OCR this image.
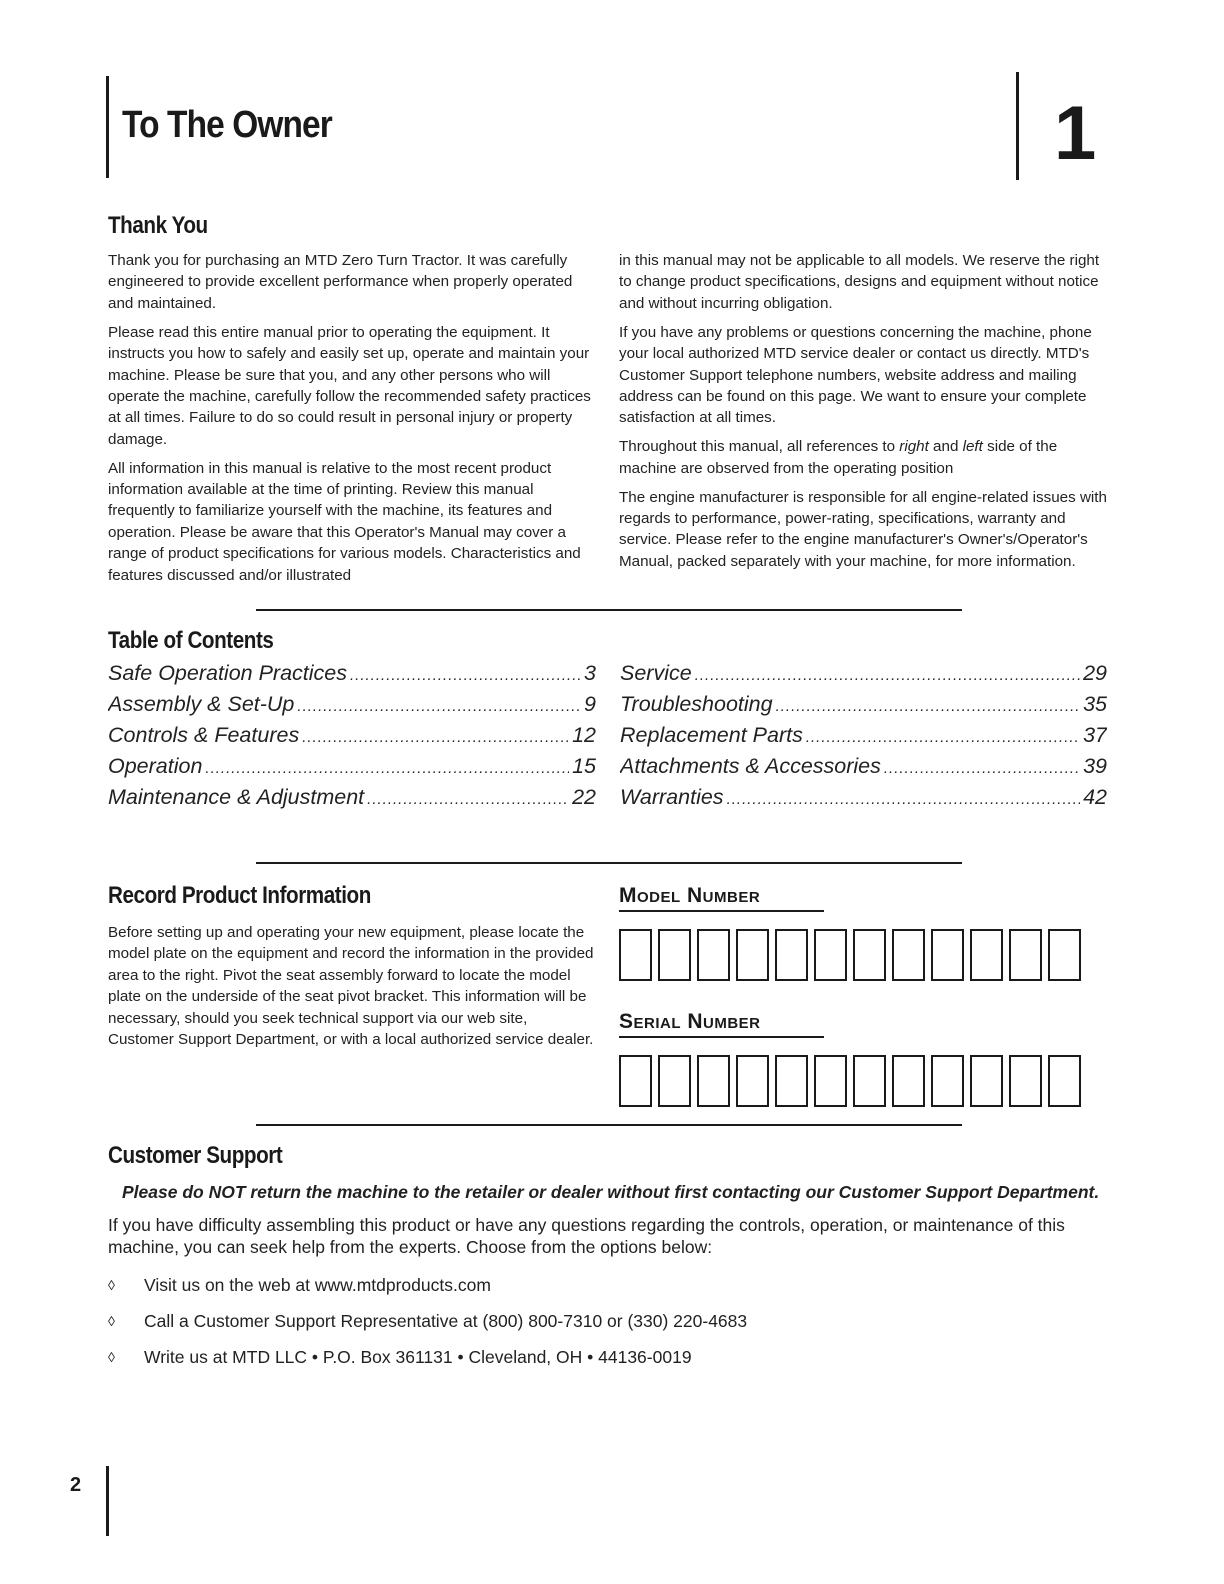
To The Owner	1
Thank You

Thank you for purchasing an MTD Zero Turn Tractor. It was carefully engineered to provide excellent performance when properly operated and maintained.

Please read this entire manual prior to operating the equipment. It instructs you how to safely and easily set up, operate and maintain your machine. Please be sure that you, and any other persons who will operate the machine, carefully follow the recommended safety practices at all times. Failure to do so could result in personal injury or property damage.

All information in this manual is relative to the most recent product information available at the time of printing. Review this manual frequently to familiarize yourself with the machine, its features and operation. Please be aware that this Operator's Manual may cover a range of product specifications for various models. Characteristics and features discussed and/or illustrated

in this manual may not be applicable to all models. We reserve the right to change product specifications, designs and equipment without notice and without incurring obligation.

If you have any problems or questions concerning the machine, phone your local authorized MTD service dealer or contact us directly. MTD's Customer Support telephone numbers, website address and mailing address can be found on this page. We want to ensure your complete satisfaction at all times.

Throughout this manual, all references to right and left side of the machine are observed from the operating position

The engine manufacturer is responsible for all engine-related issues with regards to performance, power-rating, specifications, warranty and service. Please refer to the engine manufacturer's Owner's/Operator's Manual, packed separately with your machine, for more information.

Table of Contents
Safe Operation Practices .....	3
Assembly & Set-Up .....	9
Controls & Features .....	12
Operation .....	15
Maintenance & Adjustment .....	22
Service .....	29
Troubleshooting .....	35
Replacement Parts .....	37
Attachments & Accessories .....	39
Warranties .....	42
Record Product Information
Before setting up and operating your new equipment, please locate the model plate on the equipment and record the information in the provided area to the right. Pivot the seat assembly forward to locate the model plate on the underside of the seat pivot bracket. This information will be necessary, should you seek technical support via our web site, Customer Support Department, or with a local authorized service dealer.
Model Number
Serial Number
Customer Support
Please do NOT return the machine to the retailer or dealer without first contacting our Customer Support Department.
If you have difficulty assembling this product or have any questions regarding the controls, operation, or maintenance of this machine, you can seek help from the experts. Choose from the options below:
◊	Visit us on the web at www.mtdproducts.com
◊	Call a Customer Support Representative at (800) 800-7310 or (330) 220-4683
◊	Write us at MTD LLC • P.O. Box 361131 • Cleveland, OH • 44136-0019
2
